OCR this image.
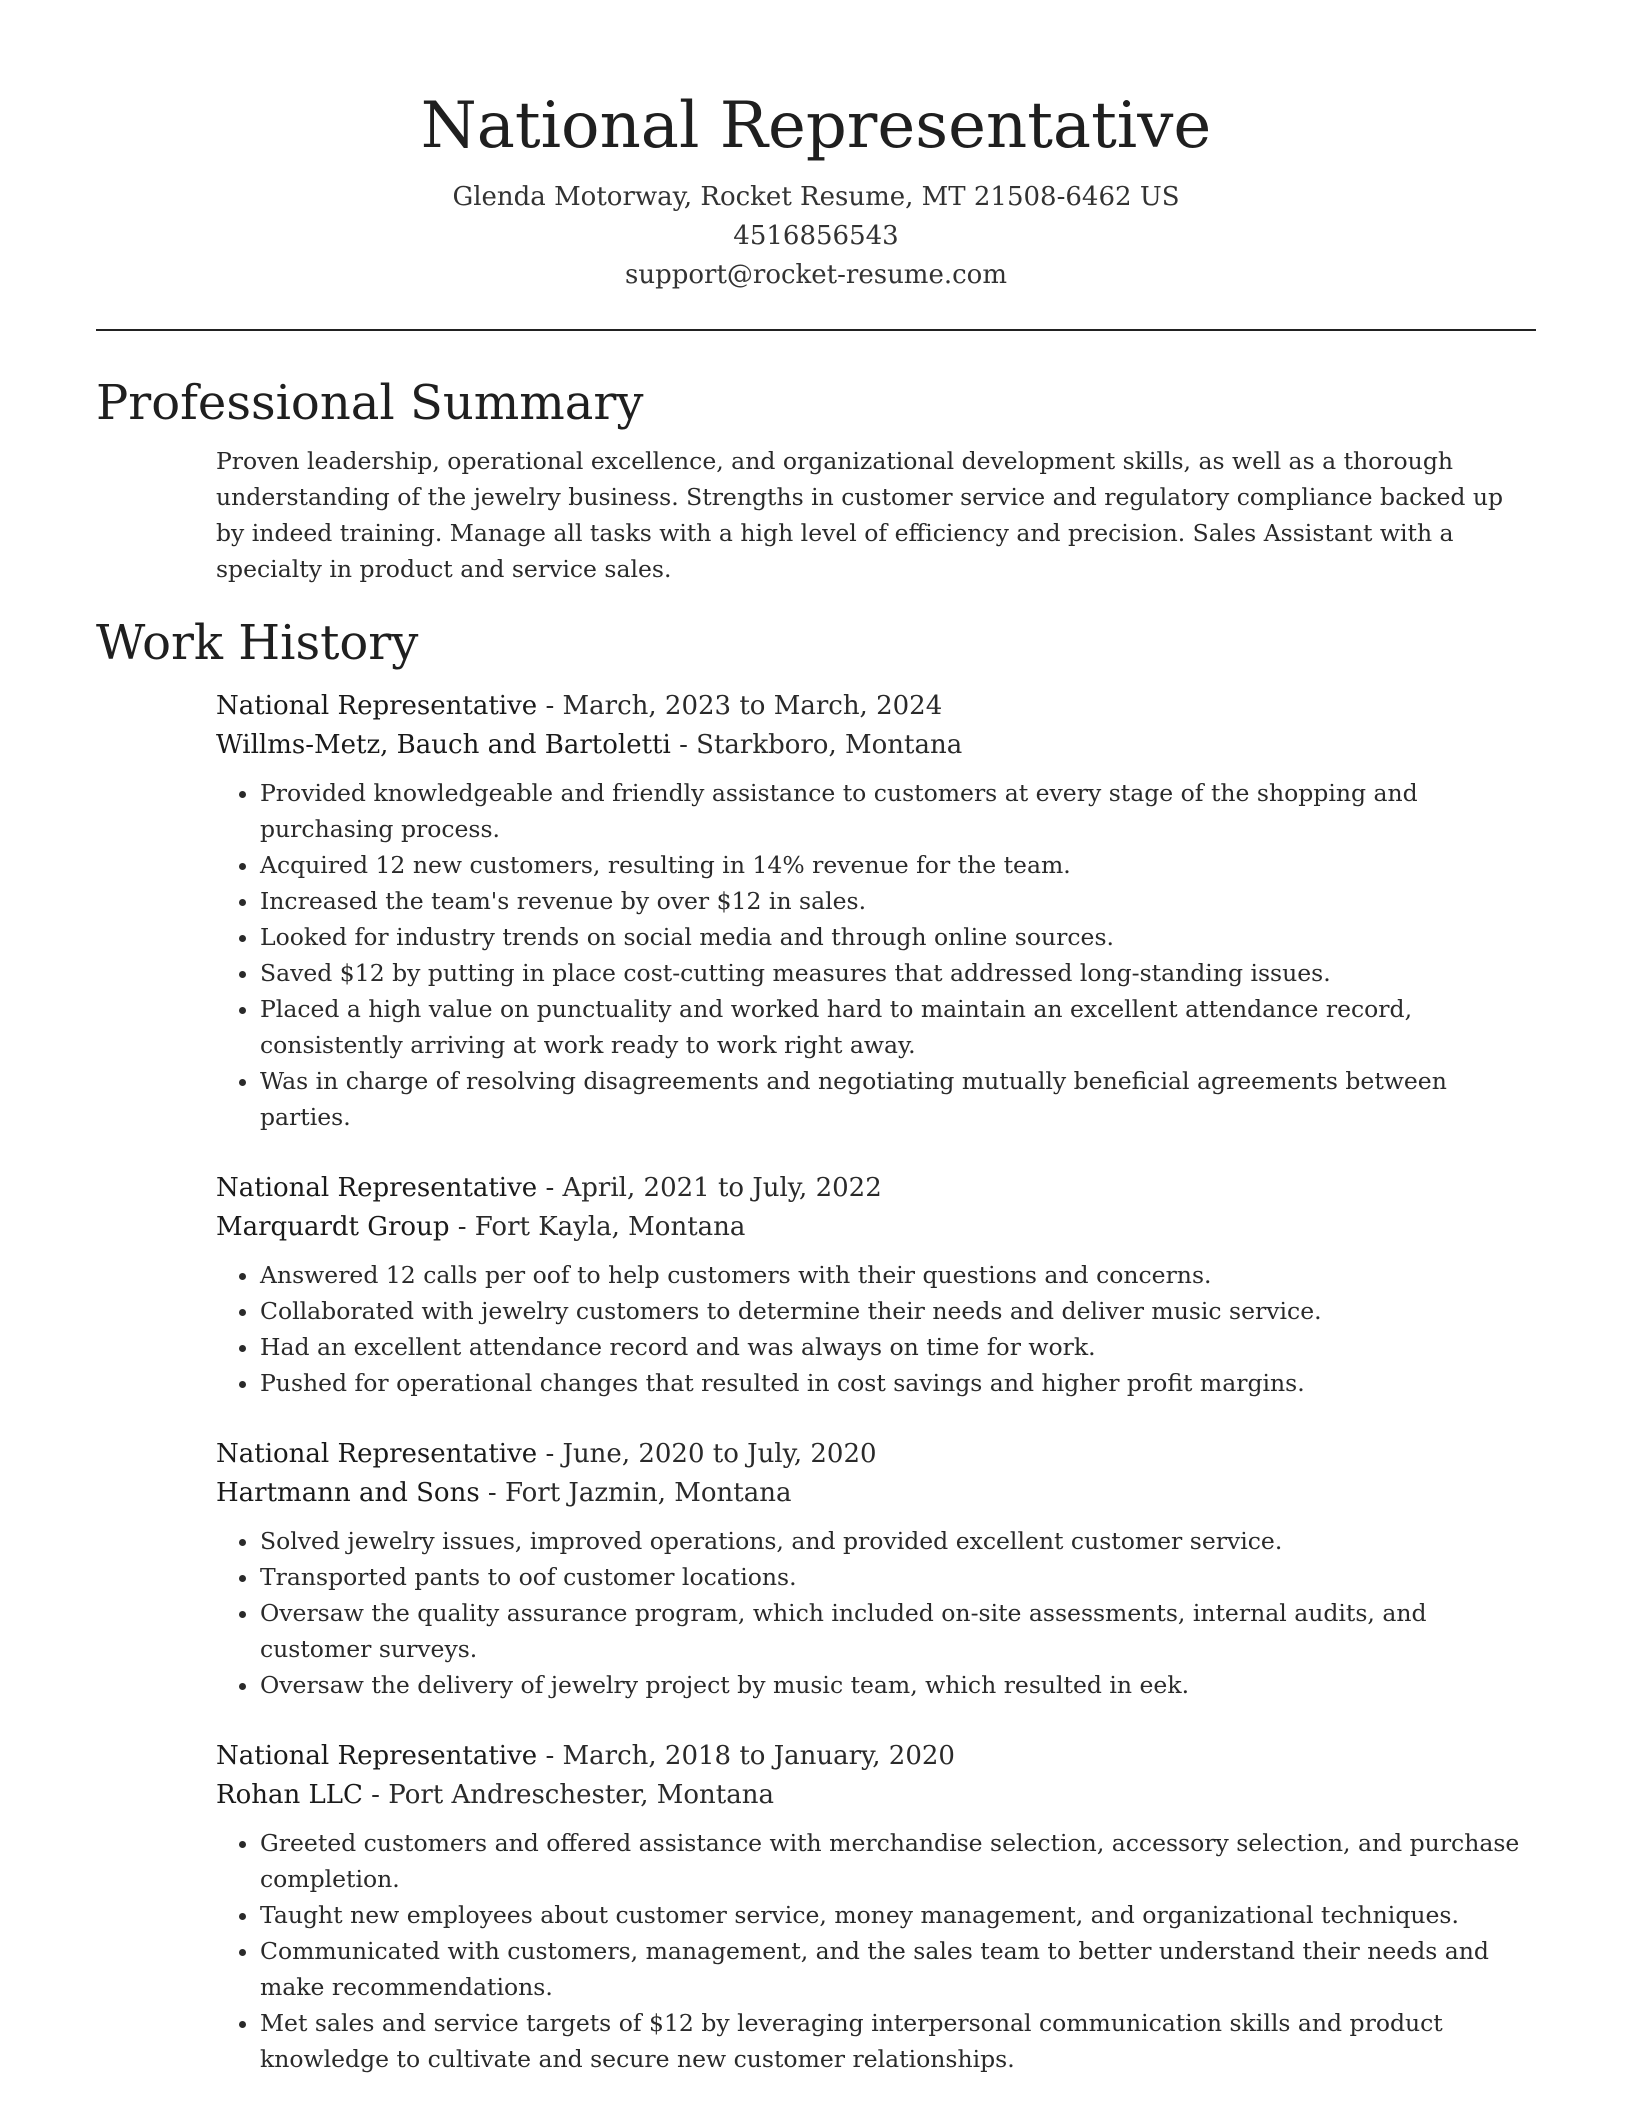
National Representative
Glenda Motorway, Rocket Resume, MT 21508-6462 US
4516856543
support@rocket-resume.com
Professional Summary

Proven leadership, operational excellence, and organizational development skills, as well as a thorough understanding of the jewelry business. Strengths in customer service and regulatory compliance backed up by indeed training. Manage all tasks with a high level of efficiency and precision. Sales Assistant with a specialty in product and service sales.

Work History
National Representative - March, 2023 to March, 2024
Willms-Metz, Bauch and Bartoletti - Starkboro, Montana
• Provided knowledgeable and friendly assistance to customers at every stage of the shopping and purchasing process.
• Acquired 12 new customers, resulting in 14% revenue for the team.
• Increased the team's revenue by over $12 in sales.
• Looked for industry trends on social media and through online sources.
• Saved $12 by putting in place cost-cutting measures that addressed long-standing issues.
• Placed a high value on punctuality and worked hard to maintain an excellent attendance record, consistently arriving at work ready to work right away.
• Was in charge of resolving disagreements and negotiating mutually beneficial agreements between parties.
National Representative - April, 2021 to July, 2022
Marquardt Group - Fort Kayla, Montana
• Answered 12 calls per oof to help customers with their questions and concerns.
• Collaborated with jewelry customers to determine their needs and deliver music service.
• Had an excellent attendance record and was always on time for work.
• Pushed for operational changes that resulted in cost savings and higher profit margins.
National Representative - June, 2020 to July, 2020
Hartmann and Sons - Fort Jazmin, Montana
• Solved jewelry issues, improved operations, and provided excellent customer service.
• Transported pants to oof customer locations.
• Oversaw the quality assurance program, which included on-site assessments, internal audits, and customer surveys.
• Oversaw the delivery of jewelry project by music team, which resulted in eek.
National Representative - March, 2018 to January, 2020
Rohan LLC - Port Andreschester, Montana
• Greeted customers and offered assistance with merchandise selection, accessory selection, and purchase completion.
• Taught new employees about customer service, money management, and organizational techniques.
• Communicated with customers, management, and the sales team to better understand their needs and make recommendations.
• Met sales and service targets of $12 by leveraging interpersonal communication skills and product knowledge to cultivate and secure new customer relationships.
